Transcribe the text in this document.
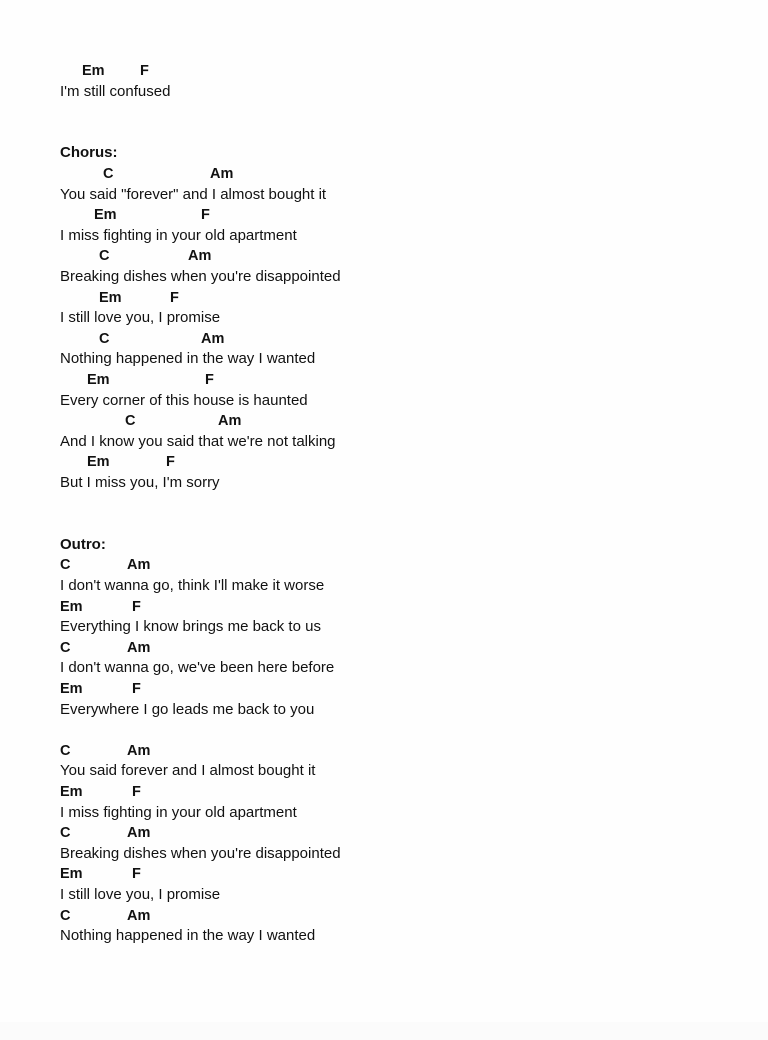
Em F
I'm still confused
Chorus:
C	Am
You said "forever" and I almost bought it
Em	F
I miss fighting in your old apartment
C	Am
Breaking dishes when you're disappointed
Em	F
I still love you, I promise
C	Am
Nothing happened in the way I wanted
Em	F
Every corner of this house is haunted
C	Am
And I know you said that we're not talking
Em	F
But I miss you, I'm sorry
Outro:
C	Am
I don't wanna go, think I'll make it worse
Em	F
Everything I know brings me back to us
C	Am
I don't wanna go, we've been here before
Em	F
Everywhere I go leads me back to you
C	Am
You said forever and I almost bought it
Em	F
I miss fighting in your old apartment
C	Am
Breaking dishes when you're disappointed
Em	F
I still love you, I promise
C	Am
Nothing happened in the way I wanted
